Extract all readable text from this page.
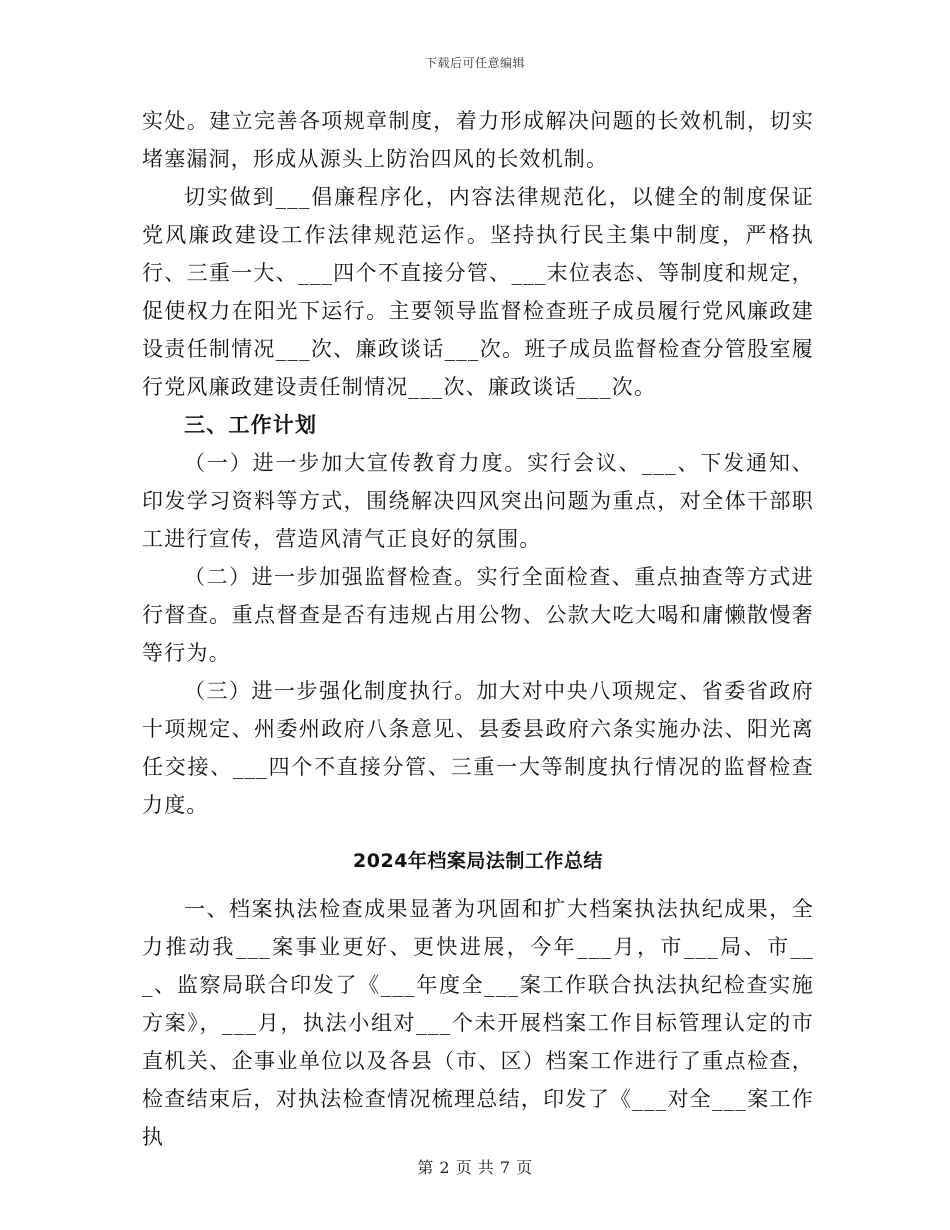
下载后可任意编辑

实处。建立完善各项规章制度，着力形成解决问题的长效机制，切实堵塞漏洞，形成从源头上防治四风的长效机制。

切实做到___倡廉程序化，内容法律规范化，以健全的制度保证党风廉政建设工作法律规范运作。坚持执行民主集中制度，严格执行、三重一大、___四个不直接分管、___末位表态、等制度和规定，促使权力在阳光下运行。主要领导监督检查班子成员履行党风廉政建设责任制情况___次、廉政谈话___次。班子成员监督检查分管股室履行党风廉政建设责任制情况___次、廉政谈话___次。

三、工作计划

（一）进一步加大宣传教育力度。实行会议、___、下发通知、印发学习资料等方式，围绕解决四风突出问题为重点，对全体干部职工进行宣传，营造风清气正良好的氛围。

（二）进一步加强监督检查。实行全面检查、重点抽查等方式进行督查。重点督查是否有违规占用公物、公款大吃大喝和庸懒散慢奢等行为。

（三）进一步强化制度执行。加大对中央八项规定、省委省政府十项规定、州委州政府八条意见、县委县政府六条实施办法、阳光离任交接、___四个不直接分管、三重一大等制度执行情况的监督检查力度。

2024年档案局法制工作总结

一、档案执法检查成果显著为巩固和扩大档案执法执纪成果，全力推动我___案事业更好、更快进展，今年___月，市___局、市___、监察局联合印发了《___年度全___案工作联合执法执纪检查实施方案》，___月，执法小组对___个未开展档案工作目标管理认定的市直机关、企事业单位以及各县（市、区）档案工作进行了重点检查，检查结束后，对执法检查情况梳理总结，印发了《___对全___案工作执

第 2 页 共 7 页
